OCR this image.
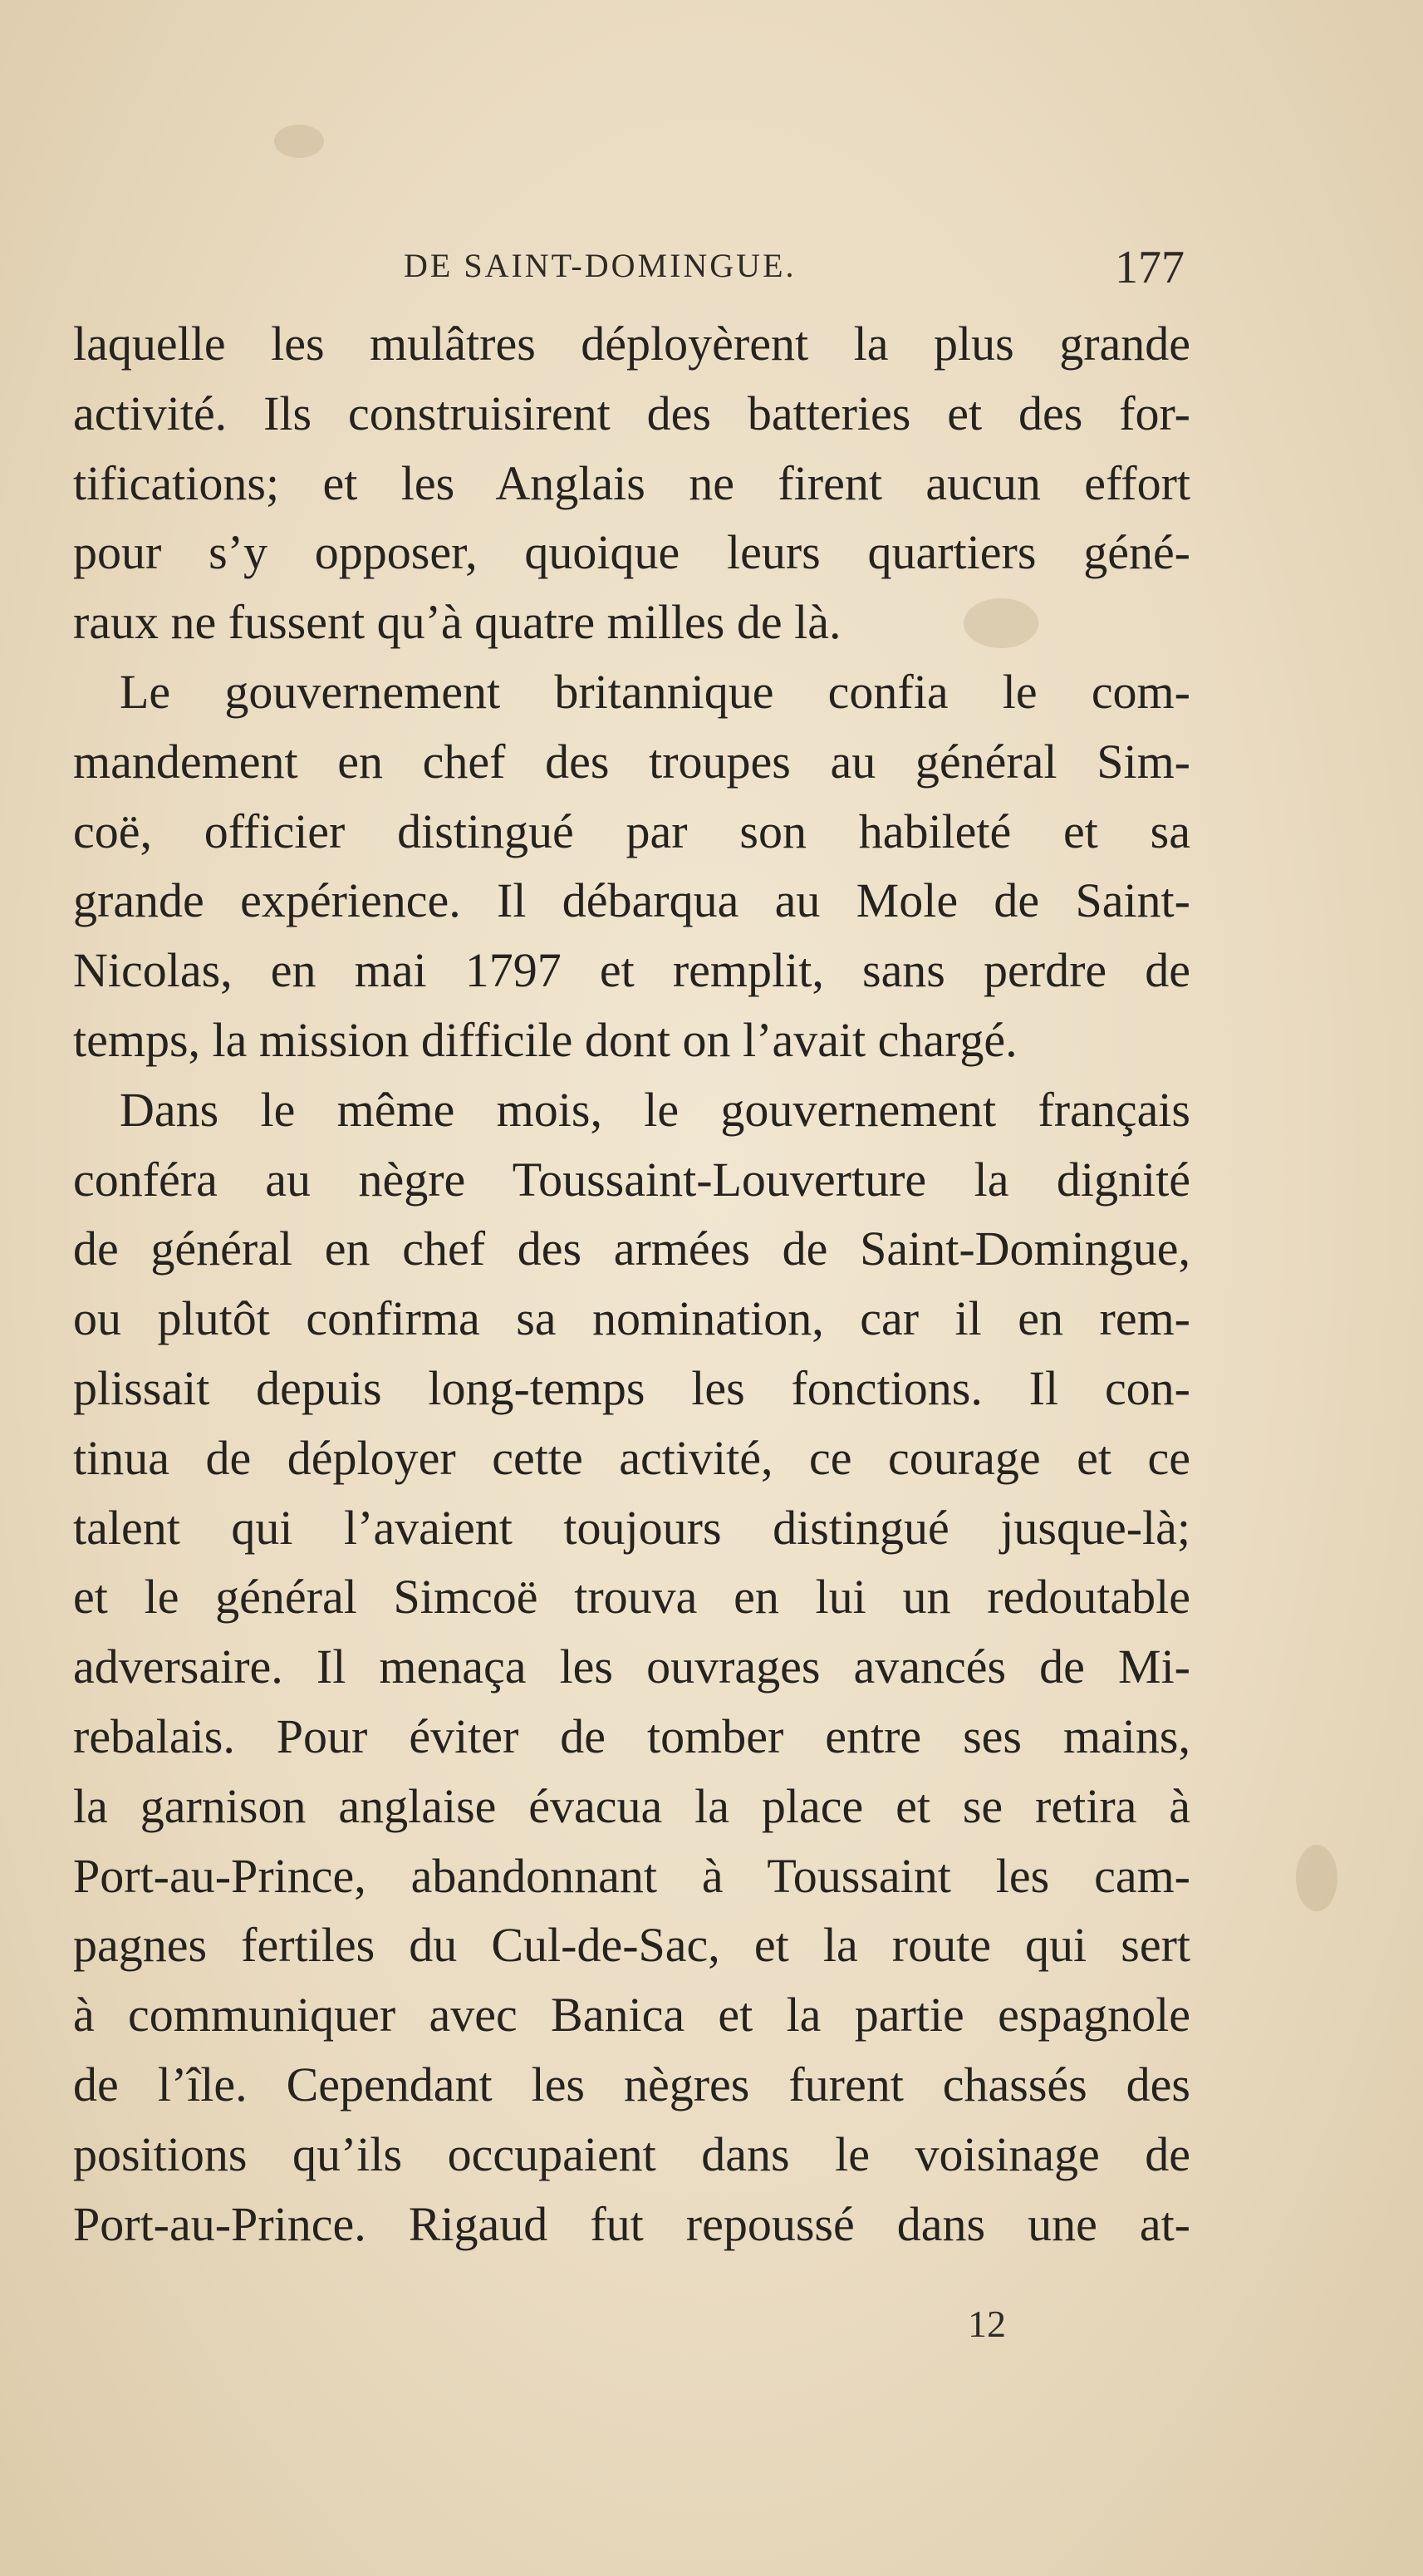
DE SAINT-DOMINGUE.	177
laquelle les mulâtres déployèrent la plus grande
activité. Ils construisirent des batteries et des for-
tifications; et les Anglais ne firent aucun effort
pour s’y opposer, quoique leurs quartiers géné-
raux ne fussent qu’à quatre milles de là.
Le gouvernement britannique confia le com-
mandement en chef des troupes au général Sim-
coë, officier distingué par son habileté et sa
grande expérience. Il débarqua au Mole de Saint-
Nicolas, en mai 1797 et remplit, sans perdre de
temps, la mission difficile dont on l’avait chargé.
Dans le même mois, le gouvernement français
conféra au nègre Toussaint-Louverture la dignité
de général en chef des armées de Saint-Domingue,
ou plutôt confirma sa nomination, car il en rem-
plissait depuis long-temps les fonctions. Il con-
tinua de déployer cette activité, ce courage et ce
talent qui l’avaient toujours distingué jusque-là;
et le général Simcoë trouva en lui un redoutable
adversaire. Il menaça les ouvrages avancés de Mi-
rebalais. Pour éviter de tomber entre ses mains,
la garnison anglaise évacua la place et se retira à
Port-au-Prince, abandonnant à Toussaint les cam-
pagnes fertiles du Cul-de-Sac, et la route qui sert
à communiquer avec Banica et la partie espagnole
de l’île. Cependant les nègres furent chassés des
positions qu’ils occupaient dans le voisinage de
Port-au-Prince. Rigaud fut repoussé dans une at-
12
